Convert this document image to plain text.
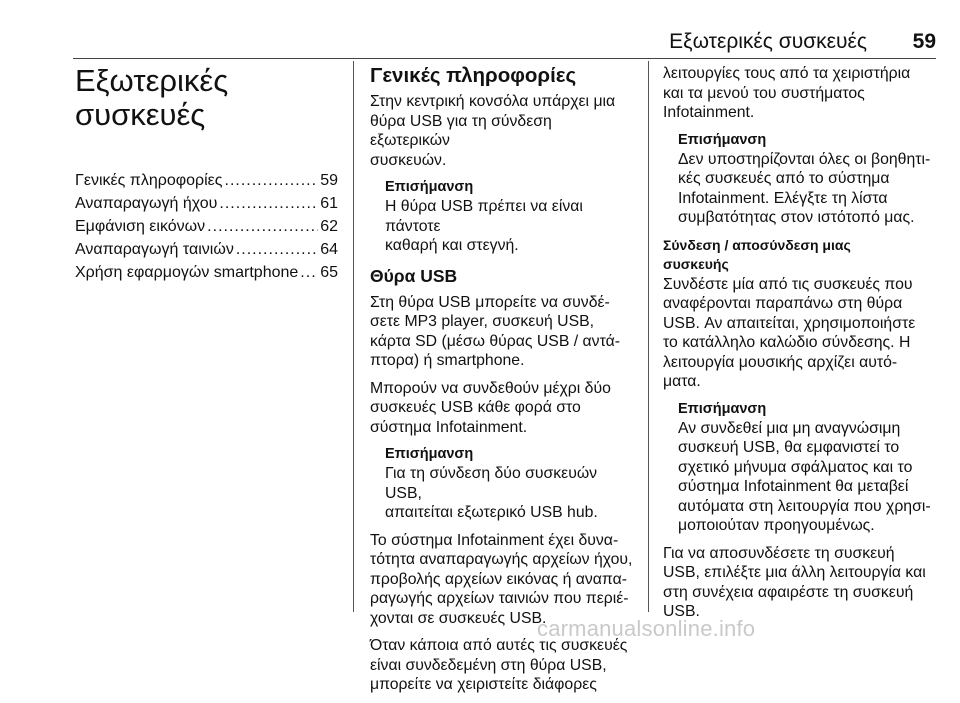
Εξωτερικές συσκευές 59
Εξωτερικές
συσκευές
Γενικές πληροφορίες .....	59
Αναπαραγωγή ήχου .....	61
Εμφάνιση εικόνων .....	62
Αναπαραγωγή ταινιών .....	64
Χρήση εφαρμογών smartphone ..... 65
Γενικές πληροφορίες

Στην κεντρική κονσόλα υπάρχει μια
θύρα USB για τη σύνδεση εξωτερικών
συσκευών.

Επισήμανση
Η θύρα USB πρέπει να είναι πάντοτε
καθαρή και στεγνή.
Θύρα USB

Στη θύρα USB μπορείτε να συνδέ-
σετε MP3 player, συσκευή USB,
κάρτα SD (μέσω θύρας USB / αντά-
πτορα) ή smartphone.

Μπορούν να συνδεθούν μέχρι δύο
συσκευές USB κάθε φορά στο
σύστημα Infotainment.

Επισήμανση
Για τη σύνδεση δύο συσκευών USB,
απαιτείται εξωτερικό USB hub.

Το σύστημα Infotainment έχει δυνα-
τότητα αναπαραγωγής αρχείων ήχου,
προβολής αρχείων εικόνας ή αναπα-
ραγωγής αρχείων ταινιών που περιέ-
χονται σε συσκευές USB.

Όταν κάποια από αυτές τις συσκευές
είναι συνδεδεμένη στη θύρα USB,
μπορείτε να χειριστείτε διάφορες

λειτουργίες τους από τα χειριστήρια
και τα μενού του συστήματος
Infotainment.

Επισήμανση
Δεν υποστηρίζονται όλες οι βοηθητι-
κές συσκευές από το σύστημα
Infotainment. Ελέγξτε τη λίστα
συμβατότητας στον ιστότοπό μας.
Σύνδεση / αποσύνδεση μιας
συσκευής

Συνδέστε μία από τις συσκευές που
αναφέρονται παραπάνω στη θύρα
USB. Αν απαιτείται, χρησιμοποιήστε
το κατάλληλο καλώδιο σύνδεσης. Η
λειτουργία μουσικής αρχίζει αυτό-
ματα.

Επισήμανση
Αν συνδεθεί μια μη αναγνώσιμη
συσκευή USB, θα εμφανιστεί το
σχετικό μήνυμα σφάλματος και το
σύστημα Infotainment θα μεταβεί
αυτόματα στη λειτουργία που χρησι-
μοποιούταν προηγουμένως.

Για να αποσυνδέσετε τη συσκευή
USB, επιλέξτε μια άλλη λειτουργία και
στη συνέχεια αφαιρέστε τη συσκευή
USB.

carmanualsonline.info
